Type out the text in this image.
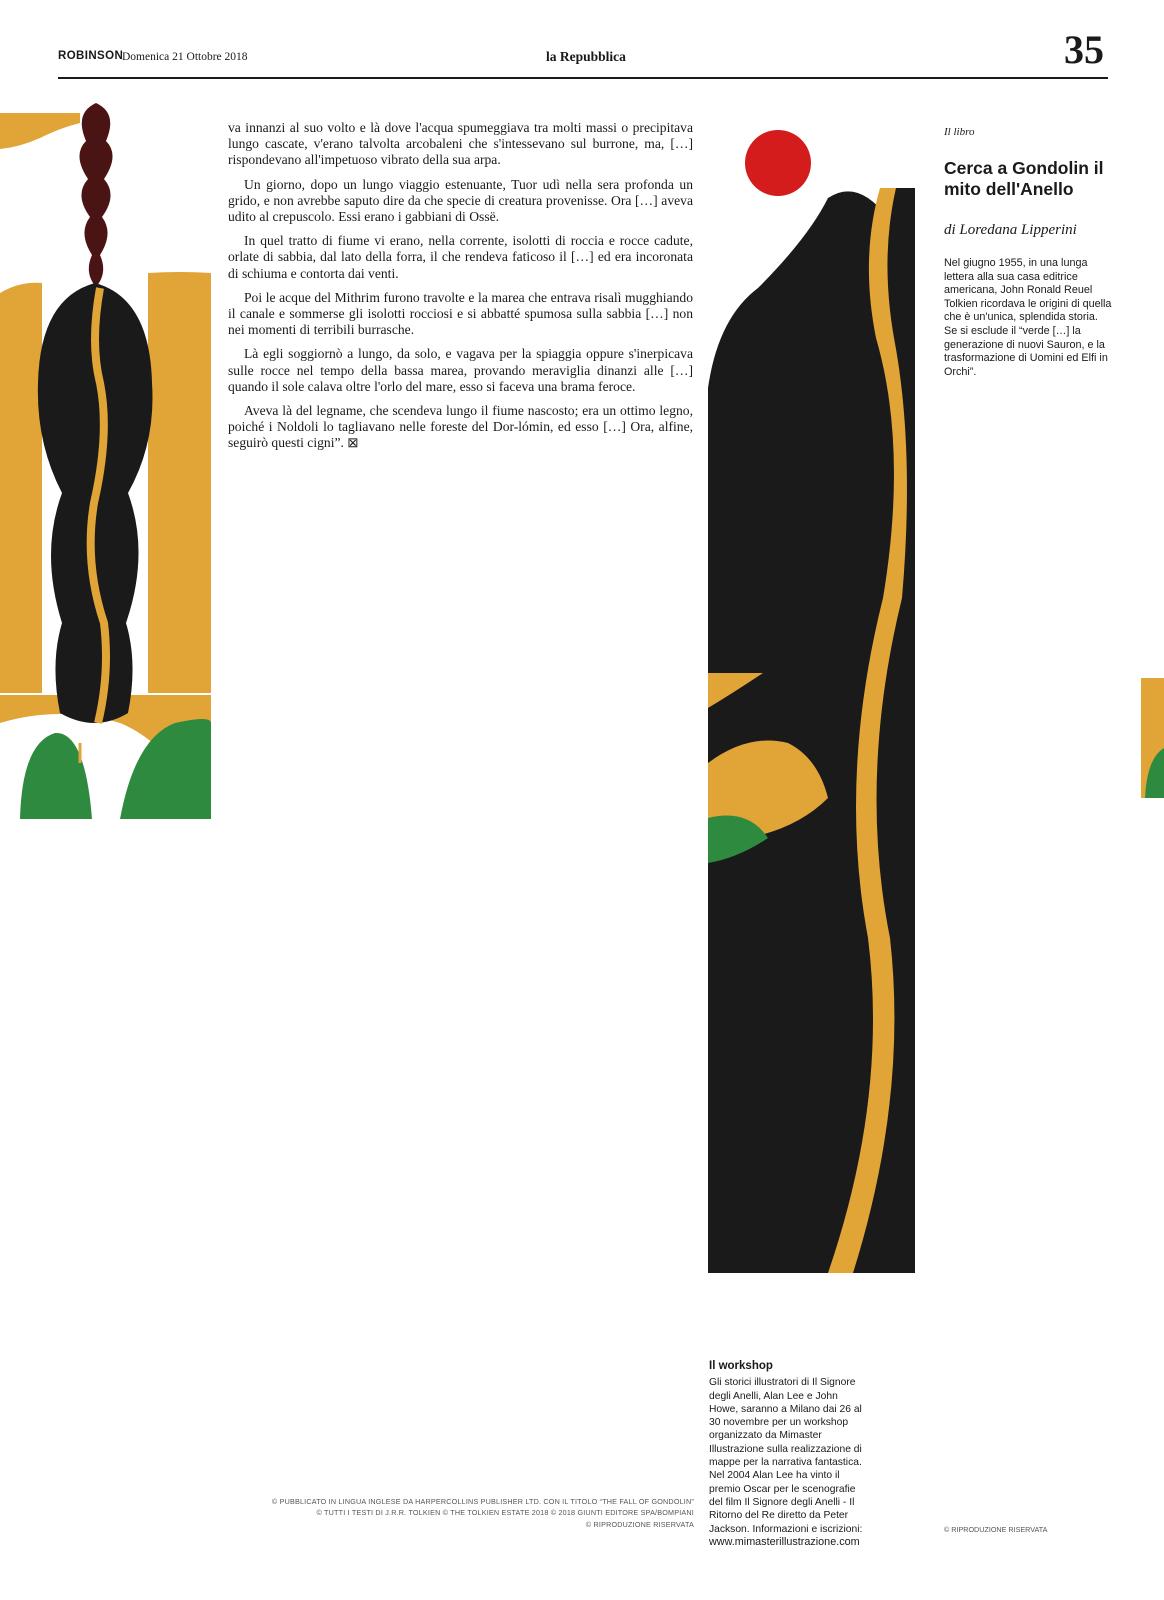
ROBINSON
Domenica 21 Ottobre 2018	la Repubblica	35

va innanzi al suo volto e là dove l'acqua spumeggiava tra molti massi o precipitava lungo cascate, v'erano talvolta arcobaleni che s'intessevano sul burrone, ma, […] rispondevano all'impetuoso vibrato della sua arpa.

Un giorno, dopo un lungo viaggio estenuante, Tuor udì nella sera profonda un grido, e non avrebbe saputo dire da che specie di creatura provenisse. Ora […] aveva udito al crepuscolo. Essi erano i gabbiani di Ossë.

In quel tratto di fiume vi erano, nella corrente, isolotti di roccia e rocce cadute, orlate di sabbia, dal lato della forra, il che rendeva faticoso il […] ed era incoronata di schiuma e contorta dai venti.

Poi le acque del Mithrim furono travolte e la marea che entrava risalì mugghiando il canale e sommerse gli isolotti rocciosi e si abbatté spumosa sulla sabbia […] non nei momenti di terribili burrasche.

Là egli soggiornò a lungo, da solo, e vagava per la spiaggia oppure s'inerpicava sulle rocce nel tempo della bassa marea, provando meraviglia dinanzi alle […] quando il sole calava oltre l'orlo del mare, esso si faceva una brama feroce.

Aveva là del legname, che scendeva lungo il fiume nascosto; era un ottimo legno, poiché i Noldoli lo tagliavano nelle foreste del Dor-lómin, ed esso […] Ora, alfine, seguirò questi cigni”. ⊠

© PUBBLICATO IN LINGUA INGLESE DA HARPERCOLLINS PUBLISHER LTD. CON IL TITOLO “THE FALL OF GONDOLIN”
© TUTTI I TESTI DI J.R.R. TOLKIEN © THE TOLKIEN ESTATE 2018 © 2018 GIUNTI EDITORE SPA/BOMPIANI
© RIPRODUZIONE RISERVATA
Il workshop
Gli storici illustratori di Il Signore degli Anelli, Alan Lee e John Howe, saranno a Milano dai 26 al 30 novembre per un workshop organizzato da Mimaster Illustrazione sulla realizzazione di mappe per la narrativa fantastica. Nel 2004 Alan Lee ha vinto il premio Oscar per le scenografie del film Il Signore degli Anelli - Il Ritorno del Re diretto da Peter Jackson. Informazioni e iscrizioni:
www.mimasterillustrazione.com
Il libro
Cerca a Gondolin il mito dell'Anello
di Loredana Lipperini
Nel giugno 1955, in una lunga lettera alla sua casa editrice americana, John Ronald Reuel Tolkien ricordava le origini di quella che è un'unica, splendida storia. Se si esclude il “verde […] la generazione di nuovi Sauron, e la trasformazione di Uomini ed Elfi in Orchi”.
© RIPRODUZIONE RISERVATA
